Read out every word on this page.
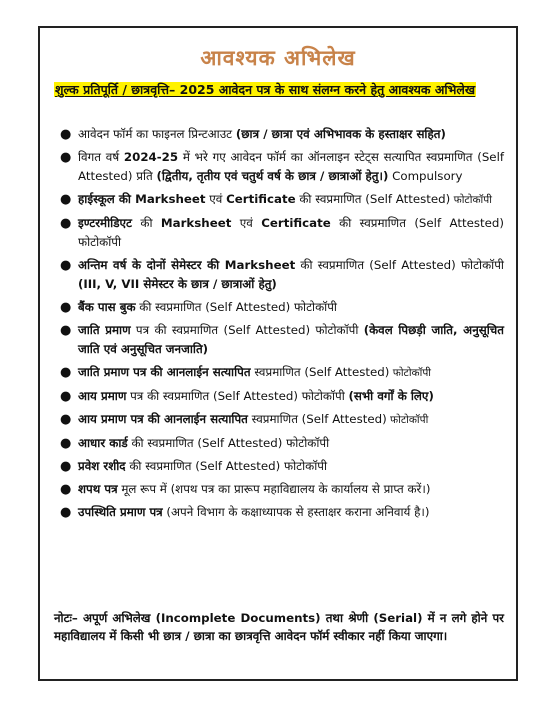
आवश्यक अभिलेख
शुल्क प्रतिपूर्ति / छात्रवृत्ति– 2025 आवेदन पत्र के साथ संलग्न करने हेतु आवश्यक अभिलेख
● आवेदन फॉर्म का फाइनल प्रिन्टआउट (छात्र / छात्रा एवं अभिभावक के हस्ताक्षर सहित)
● विगत वर्ष 2024-25 में भरे गए आवेदन फॉर्म का ऑनलाइन स्टेट्स सत्यापित स्वप्रमाणित (Self Attested) प्रति (द्वितीय, तृतीय एवं चतुर्थ वर्ष के छात्र / छात्राओं हेतु।) Compulsory
● हाईस्कूल की Marksheet एवं Certificate की स्वप्रमाणित (Self Attested) फोटोकॉपी
● इण्टरमीडिएट की Marksheet एवं Certificate की स्वप्रमाणित (Self Attested) फोटोकॉपी
● अन्तिम वर्ष के दोनों सेमेस्टर की Marksheet की स्वप्रमाणित (Self Attested) फोटोकॉपी (III, V, VII सेमेस्टर के छात्र / छात्राओं हेतु)
● बैंक पास बुक की स्वप्रमाणित (Self Attested) फोटोकॉपी
● जाति प्रमाण पत्र की स्वप्रमाणित (Self Attested) फोटोकॉपी (केवल पिछड़ी जाति, अनुसूचित जाति एवं अनुसूचित जनजाति)
● जाति प्रमाण पत्र की आनलाईन सत्यापित स्वप्रमाणित (Self Attested) फोटोकॉपी
● आय प्रमाण पत्र की स्वप्रमाणित (Self Attested) फोटोकॉपी (सभी वर्गों के लिए)
● आय प्रमाण पत्र की आनलाईन सत्यापित स्वप्रमाणित (Self Attested) फोटोकॉपी
● आधार कार्ड की स्वप्रमाणित (Self Attested) फोटोकॉपी
● प्रवेश रशीद की स्वप्रमाणित (Self Attested) फोटोकॉपी
● शपथ पत्र मूल रूप में (शपथ पत्र का प्रारूप महाविद्यालय के कार्यालय से प्राप्त करें।)
● उपस्थिति प्रमाण पत्र (अपने विभाग के कक्षाध्यापक से हस्ताक्षर कराना अनिवार्य है।)
नोटः– अपूर्ण अभिलेख (Incomplete Documents) तथा श्रेणी (Serial) में न लगे होने पर महाविद्यालय में किसी भी छात्र / छात्रा का छात्रवृत्ति आवेदन फॉर्म स्वीकार नहीं किया जाएगा।
